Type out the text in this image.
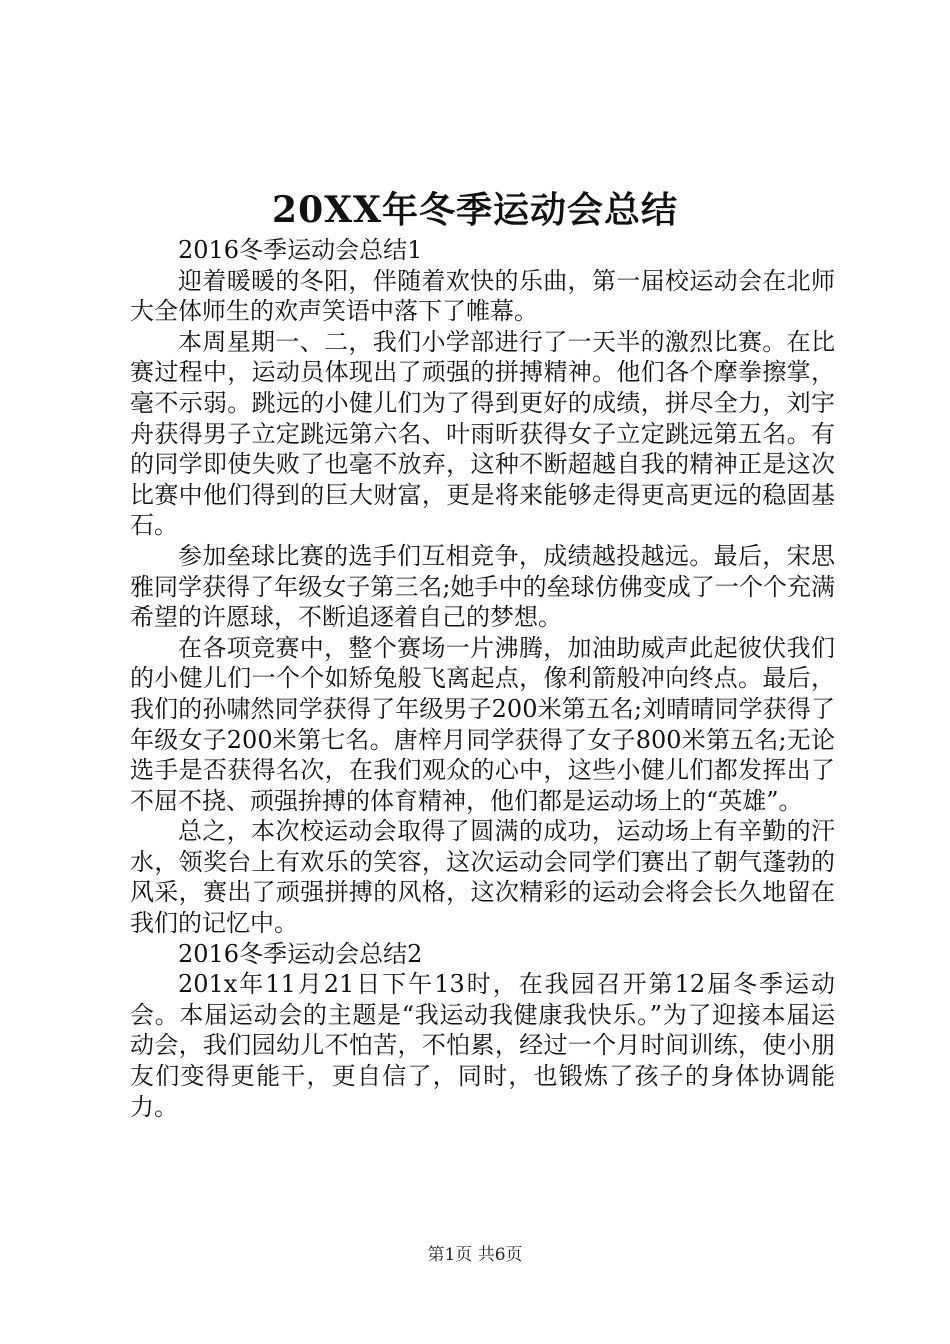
20XX年冬季运动会总结

2016冬季运动会总结1

迎着暖暖的冬阳，伴随着欢快的乐曲，第一届校运动会在北师大全体师生的欢声笑语中落下了帷幕。

本周星期一、二，我们小学部进行了一天半的激烈比赛。在比赛过程中，运动员体现出了顽强的拼搏精神。他们各个摩拳擦掌，毫不示弱。跳远的小健儿们为了得到更好的成绩，拼尽全力，刘宇舟获得男子立定跳远第六名、叶雨昕获得女子立定跳远第五名。有的同学即使失败了也毫不放弃，这种不断超越自我的精神正是这次比赛中他们得到的巨大财富，更是将来能够走得更高更远的稳固基石。

参加垒球比赛的选手们互相竞争，成绩越投越远。最后，宋思雅同学获得了年级女子第三名;她手中的垒球仿佛变成了一个个充满希望的许愿球，不断追逐着自己的梦想。

在各项竞赛中，整个赛场一片沸腾，加油助威声此起彼伏我们的小健儿们一个个如矫兔般飞离起点，像利箭般冲向终点。最后，我们的孙啸然同学获得了年级男子200米第五名;刘晴晴同学获得了年级女子200米第七名。唐梓月同学获得了女子800米第五名;无论选手是否获得名次，在我们观众的心中，这些小健儿们都发挥出了不屈不挠、顽强拚搏的体育精神，他们都是运动场上的“英雄”。

总之，本次校运动会取得了圆满的成功，运动场上有辛勤的汗水，领奖台上有欢乐的笑容，这次运动会同学们赛出了朝气蓬勃的风采，赛出了顽强拼搏的风格，这次精彩的运动会将会长久地留在我们的记忆中。

2016冬季运动会总结2

201x年11月21日下午13时，在我园召开第12届冬季运动会。本届运动会的主题是“我运动我健康我快乐。”为了迎接本届运动会，我们园幼儿不怕苦，不怕累，经过一个月时间训练，使小朋友们变得更能干，更自信了，同时，也锻炼了孩子的身体协调能力。

第1页 共6页
